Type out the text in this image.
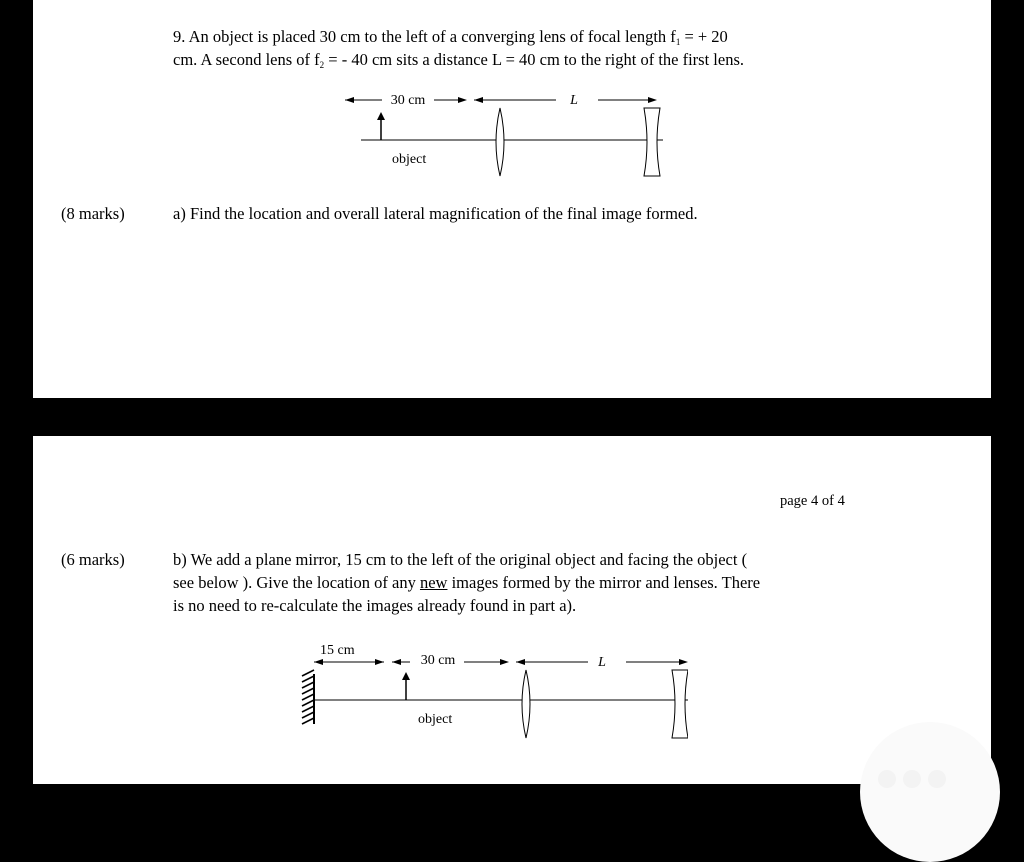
9. An object is placed 30 cm to the left of a converging lens of focal length $f_1$ = + 20
cm. A second lens of $f_2$ = - 40 cm sits a distance L = 40 cm to the right of the first lens.
30 cm	L
object
(8 marks)	a) Find the location and overall lateral magnification of the final image formed.
page 4 of 4
(6 marks)	b) We add a plane mirror, 15 cm to the left of the original object and facing the object (
see below ). Give the location of any new images formed by the mirror and lenses. There
is no need to re-calculate the images already found in part a).
15 cm
30 cm	L
object
